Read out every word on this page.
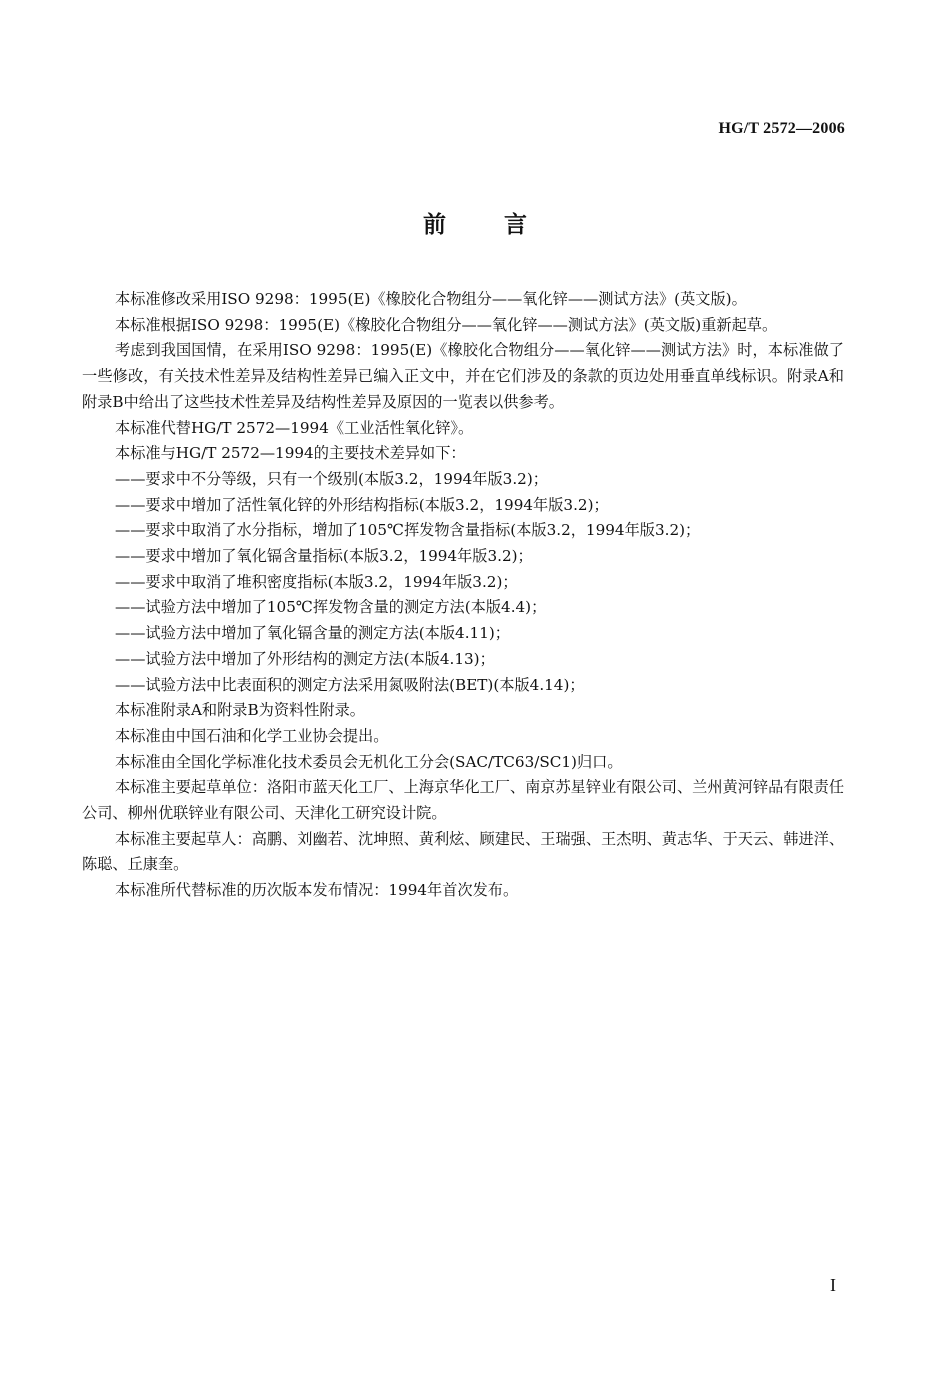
HG/T 2572—2006
前言

本标准修改采用ISO 9298：1995(E)《橡胶化合物组分——氧化锌——测试方法》(英文版)。

本标准根据ISO 9298：1995(E)《橡胶化合物组分——氧化锌——测试方法》(英文版)重新起草。

考虑到我国国情，在采用ISO 9298：1995(E)《橡胶化合物组分——氧化锌——测试方法》时，本标准做了一些修改，有关技术性差异及结构性差异已编入正文中，并在它们涉及的条款的页边处用垂直单线标识。附录A和附录B中给出了这些技术性差异及结构性差异及原因的一览表以供参考。

本标准代替HG/T 2572—1994《工业活性氧化锌》。

本标准与HG/T 2572—1994的主要技术差异如下：

——要求中不分等级，只有一个级别(本版3.2，1994年版3.2)；

——要求中增加了活性氧化锌的外形结构指标(本版3.2，1994年版3.2)；

——要求中取消了水分指标，增加了105℃挥发物含量指标(本版3.2，1994年版3.2)；

——要求中增加了氧化镉含量指标(本版3.2，1994年版3.2)；

——要求中取消了堆积密度指标(本版3.2，1994年版3.2)；

——试验方法中增加了105℃挥发物含量的测定方法(本版4.4)；

——试验方法中增加了氧化镉含量的测定方法(本版4.11)；

——试验方法中增加了外形结构的测定方法(本版4.13)；

——试验方法中比表面积的测定方法采用氮吸附法(BET)(本版4.14)；

本标准附录A和附录B为资料性附录。

本标准由中国石油和化学工业协会提出。

本标准由全国化学标准化技术委员会无机化工分会(SAC/TC63/SC1)归口。

本标准主要起草单位：洛阳市蓝天化工厂、上海京华化工厂、南京苏星锌业有限公司、兰州黄河锌品有限责任公司、柳州优联锌业有限公司、天津化工研究设计院。

本标准主要起草人：高鹏、刘幽若、沈坤照、黄利炫、顾建民、王瑞强、王杰明、黄志华、于天云、韩进洋、陈聪、丘康奎。

本标准所代替标准的历次版本发布情况：1994年首次发布。

I
